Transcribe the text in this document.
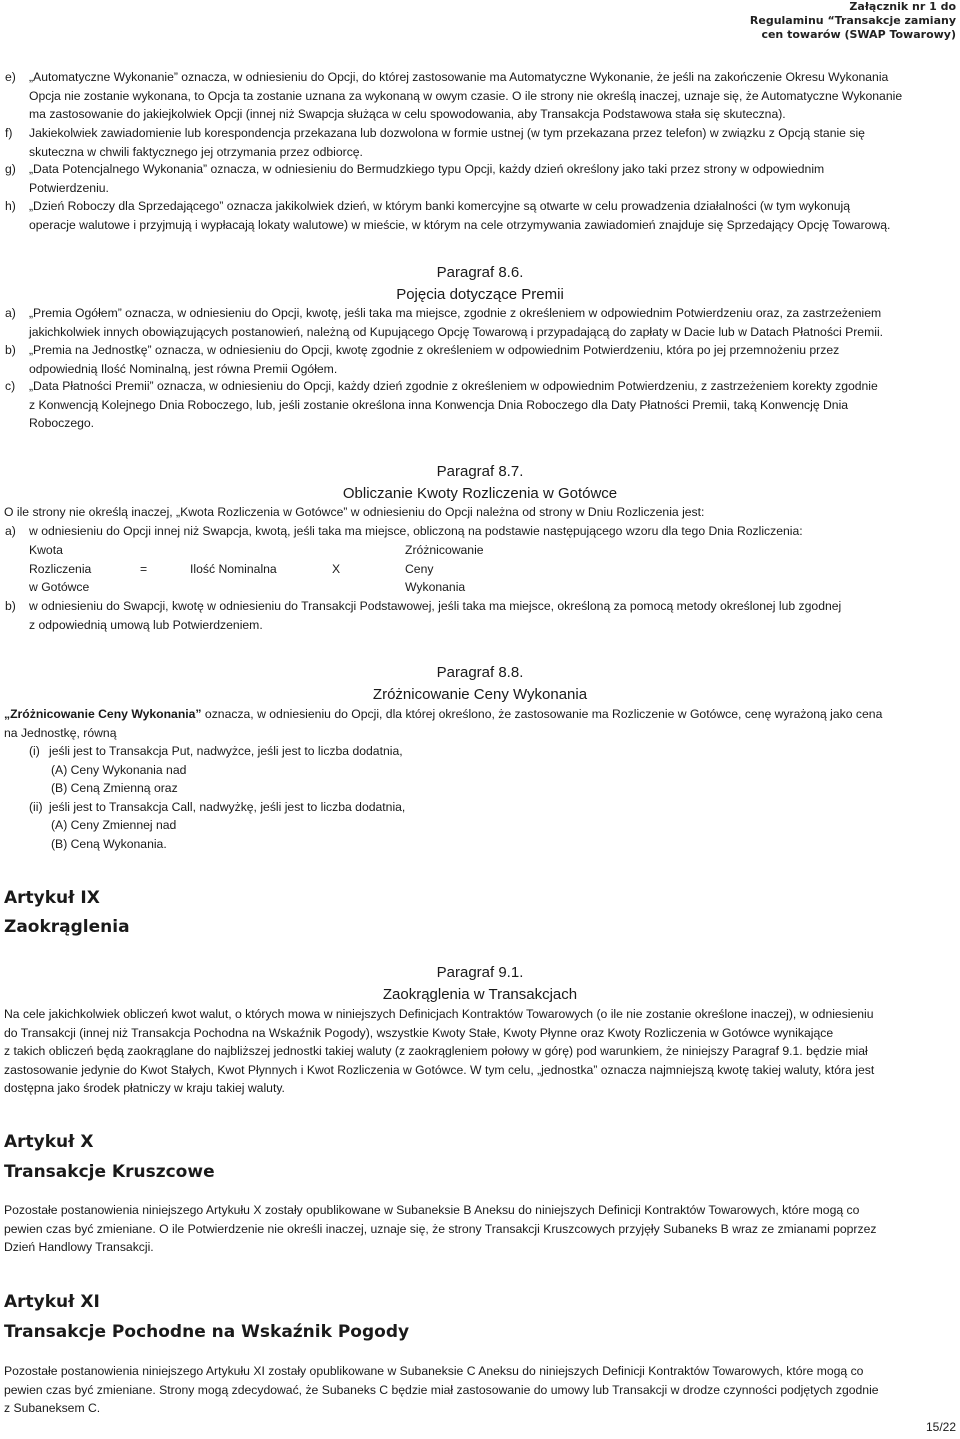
Załącznik nr 1 do
Regulaminu “Transakcje zamiany
cen towarów (SWAP Towarowy)
e) „Automatyczne Wykonanie” oznacza, w odniesieniu do Opcji, do której zastosowanie ma Automatyczne Wykonanie, że jeśli na zakończenie Okresu Wykonania
Opcja nie zostanie wykonana, to Opcja ta zostanie uznana za wykonaną w owym czasie. O ile strony nie określą inaczej, uznaje się, że Automatyczne Wykonanie
ma zastosowanie do jakiejkolwiek Opcji (innej niż Swapcja służąca w celu spowodowania, aby Transakcja Podstawowa stała się skuteczna).
f) Jakiekolwiek zawiadomienie lub korespondencja przekazana lub dozwolona w formie ustnej (w tym przekazana przez telefon) w związku z Opcją stanie się
skuteczna w chwili faktycznego jej otrzymania przez odbiorcę.
g) „Data Potencjalnego Wykonania” oznacza, w odniesieniu do Bermudzkiego typu Opcji, każdy dzień określony jako taki przez strony w odpowiednim
Potwierdzeniu.
h) „Dzień Roboczy dla Sprzedającego” oznacza jakikolwiek dzień, w którym banki komercyjne są otwarte w celu prowadzenia działalności (w tym wykonują
operacje walutowe i przyjmują i wypłacają lokaty walutowe) w mieście, w którym na cele otrzymywania zawiadomień znajduje się Sprzedający Opcję Towarową.
Paragraf 8.6.
Pojęcia dotyczące Premii
a) „Premia Ogółem” oznacza, w odniesieniu do Opcji, kwotę, jeśli taka ma miejsce, zgodnie z określeniem w odpowiednim Potwierdzeniu oraz, za zastrzeżeniem
jakichkolwiek innych obowiązujących postanowień, należną od Kupującego Opcję Towarową i przypadającą do zapłaty w Dacie lub w Datach Płatności Premii.
b) „Premia na Jednostkę” oznacza, w odniesieniu do Opcji, kwotę zgodnie z określeniem w odpowiednim Potwierdzeniu, która po jej przemnożeniu przez
odpowiednią Ilość Nominalną, jest równa Premii Ogółem.
c) „Data Płatności Premii” oznacza, w odniesieniu do Opcji, każdy dzień zgodnie z określeniem w odpowiednim Potwierdzeniu, z zastrzeżeniem korekty zgodnie
z Konwencją Kolejnego Dnia Roboczego, lub, jeśli zostanie określona inna Konwencja Dnia Roboczego dla Daty Płatności Premii, taką Konwencję Dnia
Roboczego.
Paragraf 8.7.
Obliczanie Kwoty Rozliczenia w Gotówce
O ile strony nie określą inaczej, „Kwota Rozliczenia w Gotówce” w odniesieniu do Opcji należna od strony w Dniu Rozliczenia jest:
a) w odniesieniu do Opcji innej niż Swapcja, kwotą, jeśli taka ma miejsce, obliczoną na podstawie następującego wzoru dla tego Dnia Rozliczenia:
Kwota
Rozliczenia
w Gotówce
=	Ilość Nominalna	X
Zróżnicowanie
Ceny
Wykonania
b) w odniesieniu do Swapcji, kwotę w odniesieniu do Transakcji Podstawowej, jeśli taka ma miejsce, określoną za pomocą metody określonej lub zgodnej
z odpowiednią umową lub Potwierdzeniem.
Paragraf 8.8.
Zróżnicowanie Ceny Wykonania
„Zróżnicowanie Ceny Wykonania” oznacza, w odniesieniu do Opcji, dla której określono, że zastosowanie ma Rozliczenie w Gotówce, cenę wyrażoną jako cena
na Jednostkę, równą
(i) jeśli jest to Transakcja Put, nadwyżce, jeśli jest to liczba dodatnia,
(A) Ceny Wykonania nad
(B) Ceną Zmienną oraz
(ii) jeśli jest to Transakcja Call, nadwyżkę, jeśli jest to liczba dodatnia,
(A) Ceny Zmiennej nad
(B) Ceną Wykonania.
Artykuł IX
Zaokrąglenia
Paragraf 9.1.
Zaokrąglenia w Transakcjach
Na cele jakichkolwiek obliczeń kwot walut, o których mowa w niniejszych Definicjach Kontraktów Towarowych (o ile nie zostanie określone inaczej), w odniesieniu
do Transakcji (innej niż Transakcja Pochodna na Wskaźnik Pogody), wszystkie Kwoty Stałe, Kwoty Płynne oraz Kwoty Rozliczenia w Gotówce wynikające
z takich obliczeń będą zaokrąglane do najbliższej jednostki takiej waluty (z zaokrągleniem połowy w górę) pod warunkiem, że niniejszy Paragraf 9.1. będzie miał
zastosowanie jedynie do Kwot Stałych, Kwot Płynnych i Kwot Rozliczenia w Gotówce. W tym celu, „jednostka” oznacza najmniejszą kwotę takiej waluty, która jest
dostępna jako środek płatniczy w kraju takiej waluty.
Artykuł X
Transakcje Kruszcowe
Pozostałe postanowienia niniejszego Artykułu X zostały opublikowane w Subaneksie B Aneksu do niniejszych Definicji Kontraktów Towarowych, które mogą co
pewien czas być zmieniane. O ile Potwierdzenie nie określi inaczej, uznaje się, że strony Transakcji Kruszcowych przyjęły Subaneks B wraz ze zmianami poprzez
Dzień Handlowy Transakcji.
Artykuł XI
Transakcje Pochodne na Wskaźnik Pogody
Pozostałe postanowienia niniejszego Artykułu XI zostały opublikowane w Subaneksie C Aneksu do niniejszych Definicji Kontraktów Towarowych, które mogą co
pewien czas być zmieniane. Strony mogą zdecydować, że Subaneks C będzie miał zastosowanie do umowy lub Transakcji w drodze czynności podjętych zgodnie
z Subaneksem C.
15/22
